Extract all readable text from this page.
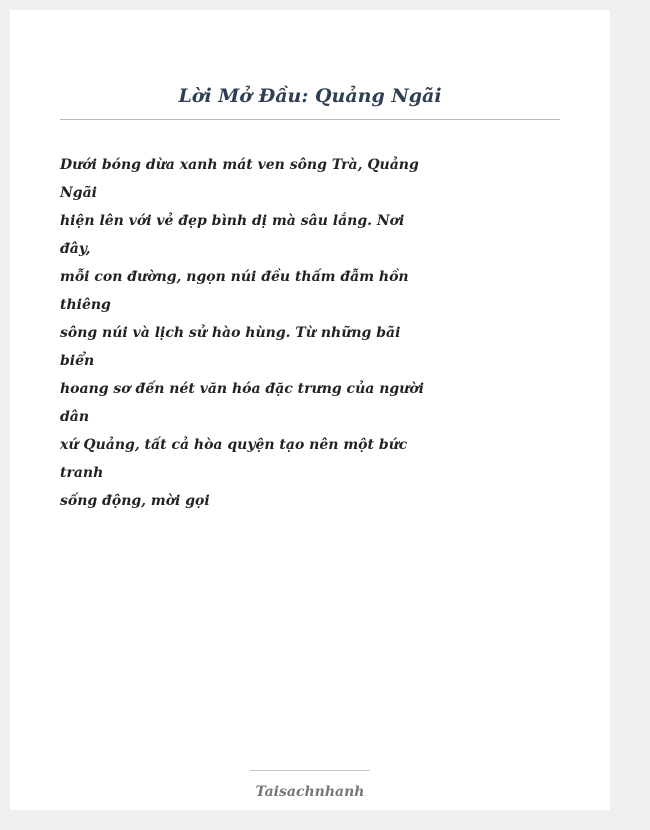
Lời Mở Đầu: Quảng Ngãi
Dưới bóng dừa xanh mát ven sông Trà, Quảng
Ngãi
hiện lên với vẻ đẹp bình dị mà sâu lắng. Nơi
đây,
mỗi con đường, ngọn núi đều thấm đẫm hồn
thiêng
sông núi và lịch sử hào hùng. Từ những bãi
biển
hoang sơ đến nét văn hóa đặc trưng của người
dân
xứ Quảng, tất cả hòa quyện tạo nên một bức
tranh
sống động, mời gọi
Taisachnhanh
